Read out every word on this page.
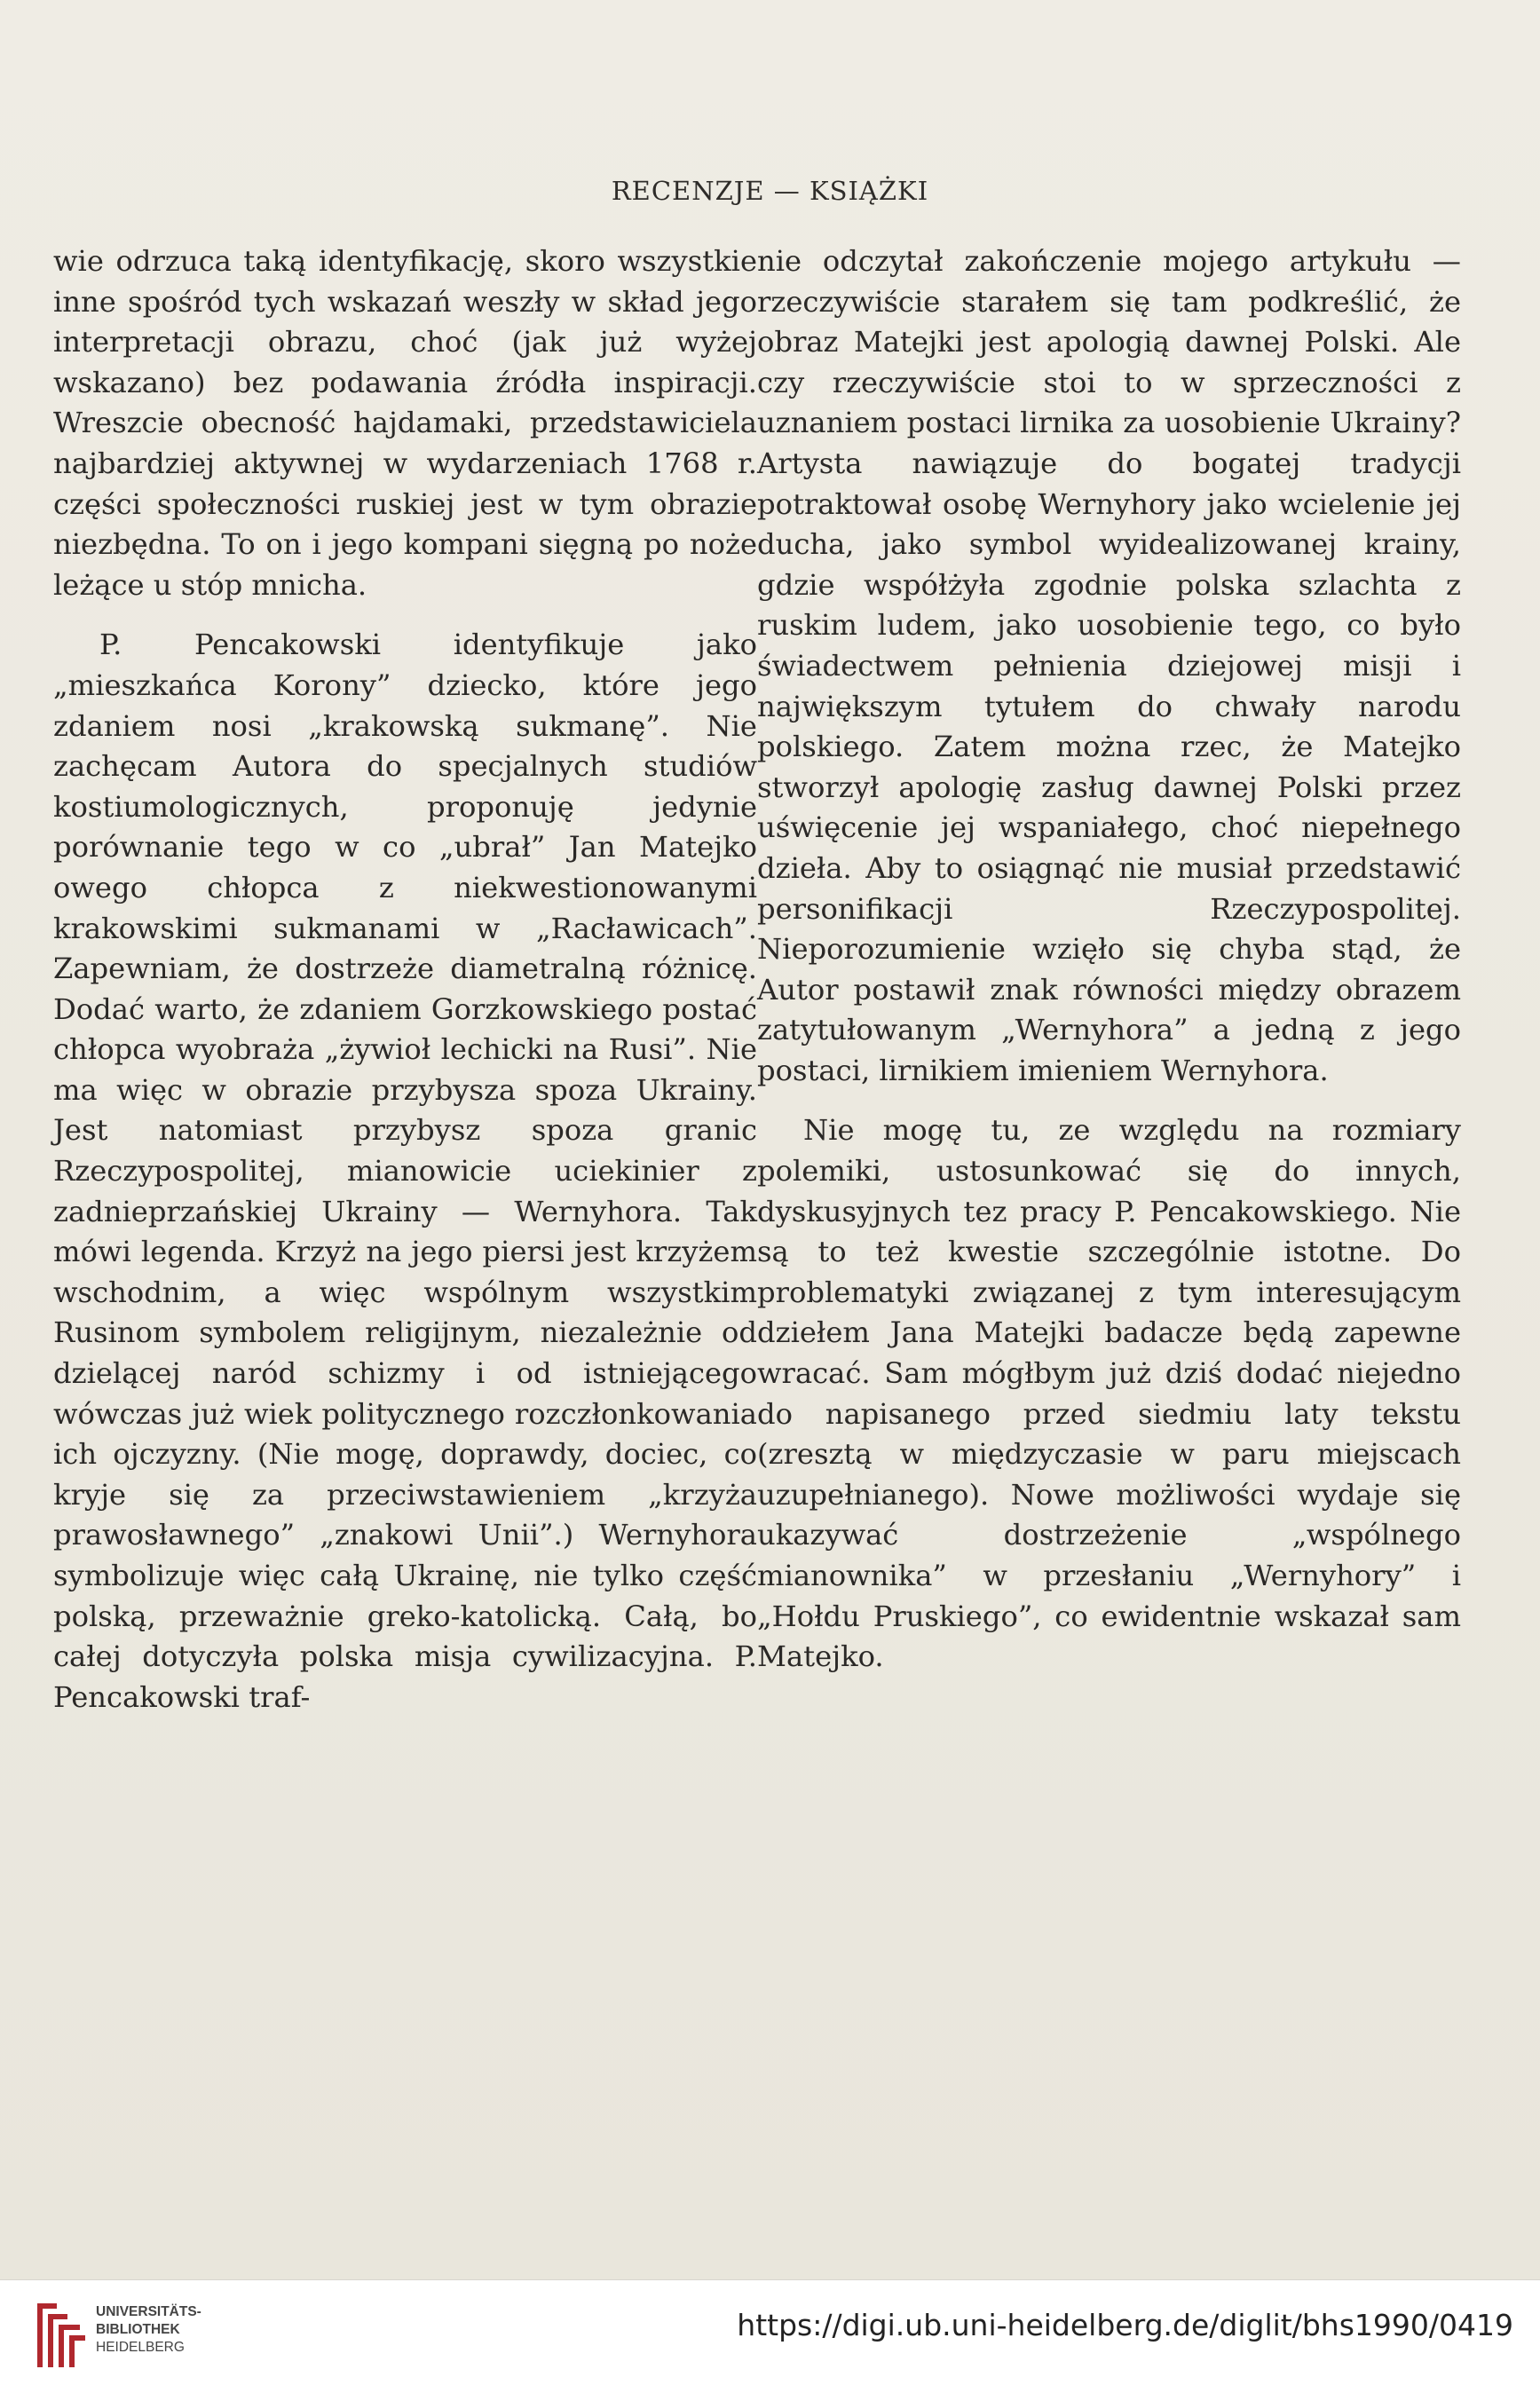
RECENZJE — KSIĄŻKI

wie odrzuca taką identyfikację, skoro wszystkie inne spośród tych wskazań weszły w skład jego interpretacji obrazu, choć (jak już wyżej wskazano) bez podawania źródła inspiracji. Wreszcie obecność hajdamaki, przedstawiciela najbardziej aktywnej w wydarzeniach 1768 r. części społeczności ruskiej jest w tym obrazie niezbędna. To on i jego kompani sięgną po noże leżące u stóp mnicha.

P. Pencakowski identyfikuje jako „mieszkańca Korony” dziecko, które jego zdaniem nosi „krakowską sukmanę”. Nie zachęcam Autora do specjalnych studiów kostiumologicznych, proponuję jedynie porównanie tego w co „ubrał” Jan Matejko owego chłopca z niekwestionowanymi krakowskimi sukmanami w „Racławicach”. Zapewniam, że dostrzeże diametralną różnicę. Dodać warto, że zdaniem Gorzkowskiego postać chłopca wyobraża „żywioł lechicki na Rusi”. Nie ma więc w obrazie przybysza spoza Ukrainy. Jest natomiast przybysz spoza granic Rzeczypospolitej, mianowicie uciekinier z zadnieprzańskiej Ukrainy — Wernyhora. Tak mówi legenda. Krzyż na jego piersi jest krzyżem wschodnim, a więc wspólnym wszystkim Rusinom symbolem religijnym, niezależnie od dzielącej naród schizmy i od istniejącego wówczas już wiek politycznego rozczłonkowania ich ojczyzny. (Nie mogę, doprawdy, dociec, co kryje się za przeciwstawieniem „krzyża prawosławnego” „znakowi Unii”.) Wernyhora symbolizuje więc całą Ukrainę, nie tylko część polską, przeważnie greko-katolicką. Całą, bo całej dotyczyła polska misja cywilizacyjna. P. Pencakowski traf-

nie odczytał zakończenie mojego artykułu — rzeczywiście starałem się tam podkreślić, że obraz Matejki jest apologią dawnej Polski. Ale czy rzeczywiście stoi to w sprzeczności z uznaniem postaci lirnika za uosobienie Ukrainy? Artysta nawiązuje do bogatej tradycji potraktował osobę Wernyhory jako wcielenie jej ducha, jako symbol wyidealizowanej krainy, gdzie współżyła zgodnie polska szlachta z ruskim ludem, jako uosobienie tego, co było świadectwem pełnienia dziejowej misji i największym tytułem do chwały narodu polskiego. Zatem można rzec, że Matejko stworzył apologię zasług dawnej Polski przez uświęcenie jej wspaniałego, choć niepełnego dzieła. Aby to osiągnąć nie musiał przedstawić personifikacji Rzeczypospolitej. Nieporozumienie wzięło się chyba stąd, że Autor postawił znak równości między obrazem zatytułowanym „Wernyhora” a jedną z jego postaci, lirnikiem imieniem Wernyhora.

Nie mogę tu, ze względu na rozmiary polemiki, ustosunkować się do innych, dyskusyjnych tez pracy P. Pencakowskiego. Nie są to też kwestie szczególnie istotne. Do problematyki związanej z tym interesującym dziełem Jana Matejki badacze będą zapewne wracać. Sam mógłbym już dziś dodać niejedno do napisanego przed siedmiu laty tekstu (zresztą w międzyczasie w paru miejscach uzupełnianego). Nowe możliwości wydaje się ukazywać dostrzeżenie „wspólnego mianownika” w przesłaniu „Wernyhory” i „Hołdu Pruskiego”, co ewidentnie wskazał sam Matejko.

UNIVERSITÄTS-
BIBLIOTHEK
HEIDELBERG
https://digi.ub.uni-heidelberg.de/diglit/bhs1990/0419
